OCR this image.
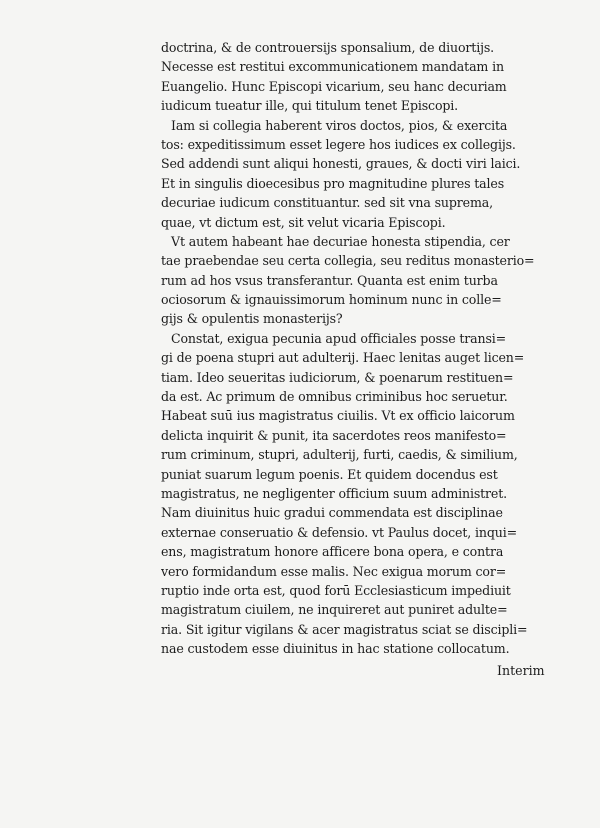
doctrina, & de controuersijs sponsalium, de diuortijs.
Necesse est restitui excommunicationem mandatam in
Euangelio. Hunc Episcopi vicarium, seu hanc decuriam
iudicum tueatur ille, qui titulum tenet Episcopi.
Iam si collegia haberent viros doctos, pios, & exercita
tos: expeditissimum esset legere hos iudices ex collegijs.
Sed addendi sunt aliqui honesti, graues, & docti viri laici.
Et in singulis dioecesibus pro magnitudine plures tales
decuriae iudicum constituantur. sed sit vna suprema,
quae, vt dictum est, sit velut vicaria Episcopi.
Vt autem habeant hae decuriae honesta stipendia, cer
tae praebendae seu certa collegia, seu reditus monasterio=
rum ad hos vsus transferantur. Quanta est enim turba
ociosorum & ignauissimorum hominum nunc in colle=
gijs & opulentis monasterijs?
Constat, exigua pecunia apud officiales posse transi=
gi de poena stupri aut adulterij. Haec lenitas auget licen=
tiam. Ideo seueritas iudiciorum, & poenarum restituen=
da est. Ac primum de omnibus criminibus hoc seruetur.
Habeat suū ius magistratus ciuilis. Vt ex officio laicorum
delicta inquirit & punit, ita sacerdotes reos manifesto=
rum criminum, stupri, adulterij, furti, caedis, & similium,
puniat suarum legum poenis. Et quidem docendus est
magistratus, ne negligenter officium suum administret.
Nam diuinitus huic gradui commendata est disciplinae
externae conseruatio & defensio. vt Paulus docet, inqui=
ens, magistratum honore afficere bona opera, e contra
vero formidandum esse malis. Nec exigua morum cor=
ruptio inde orta est, quod forū Ecclesiasticum impediuit
magistratum ciuilem, ne inquireret aut puniret adulte=
ria. Sit igitur vigilans & acer magistratus sciat se discipli=
nae custodem esse diuinitus in hac statione collocatum.
Interim
